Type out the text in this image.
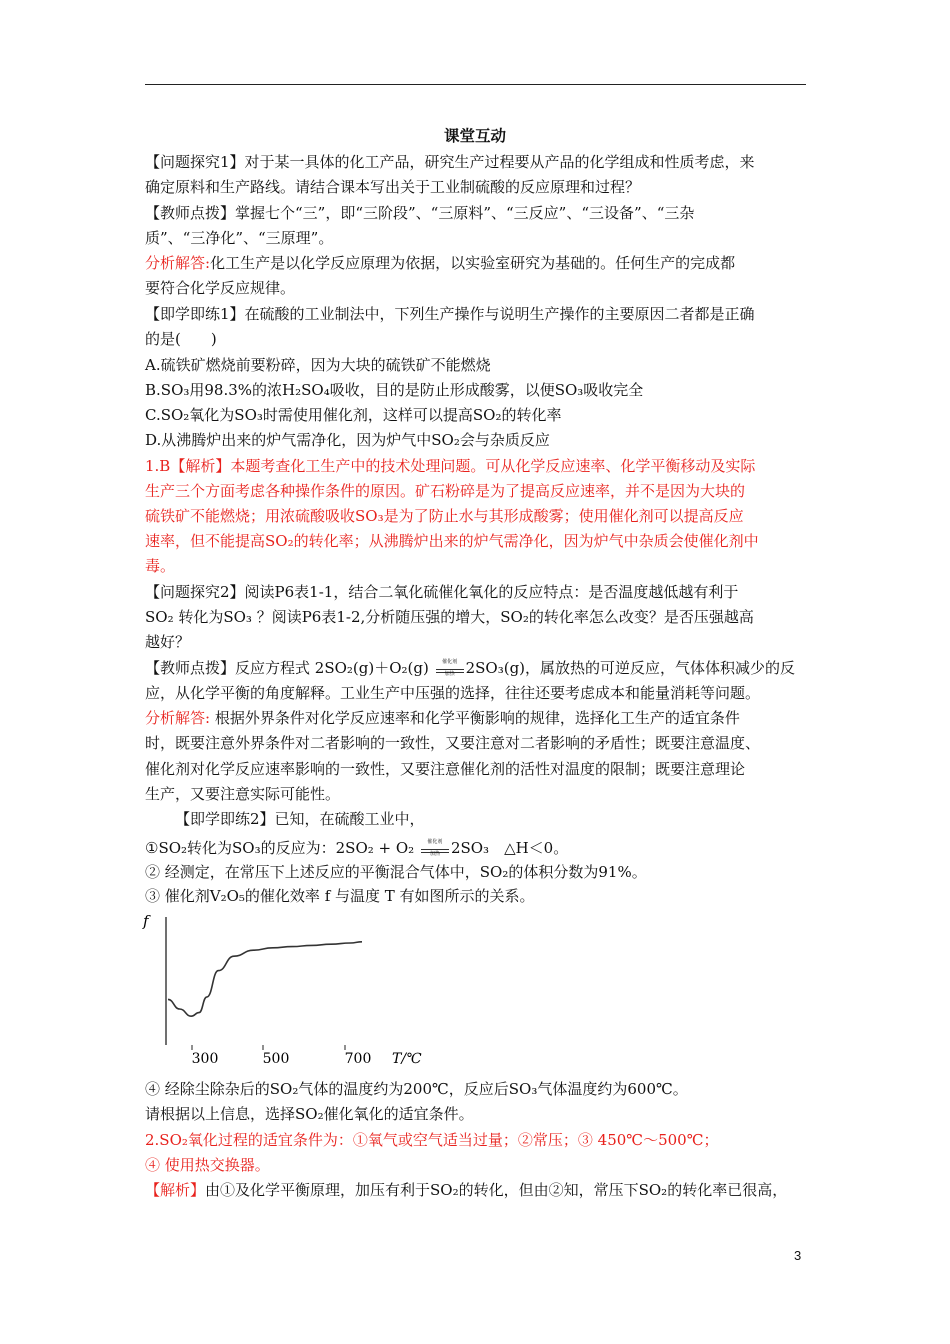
课堂互动
【问题探究1】对于某一具体的化工产品，研究生产过程要从产品的化学组成和性质考虑，来
确定原料和生产路线。请结合课本写出关于工业制硫酸的反应原理和过程？
【教师点拨】掌握七个“三”，即“三阶段”、“三原料”、“三反应”、“三设备”、“三杂
质”、“三净化”、“三原理”。
分析解答:化工生产是以化学反应原理为依据，以实验室研究为基础的。任何生产的完成都
要符合化学反应规律。
【即学即练1】在硫酸的工业制法中，下列生产操作与说明生产操作的主要原因二者都是正确
的是(　　)
A.硫铁矿燃烧前要粉碎，因为大块的硫铁矿不能燃烧
B.SO₃用98.3%的浓H₂SO₄吸收，目的是防止形成酸雾，以便SO₃吸收完全
C.SO₂氧化为SO₃时需使用催化剂，这样可以提高SO₂的转化率
D.从沸腾炉出来的炉气需净化，因为炉气中SO₂会与杂质反应
1.B【解析】本题考查化工生产中的技术处理问题。可从化学反应速率、化学平衡移动及实际
生产三个方面考虑各种操作条件的原因。矿石粉碎是为了提高反应速率，并不是因为大块的
硫铁矿不能燃烧；用浓硫酸吸收SO₃是为了防止水与其形成酸雾；使用催化剂可以提高反应
速率，但不能提高SO₂的转化率；从沸腾炉出来的炉气需净化，因为炉气中杂质会使催化剂中
毒。
【问题探究2】阅读P6表1-1，结合二氧化硫催化氧化的反应特点：是否温度越低越有利于
SO₂ 转化为SO₃ ？阅读P6表1-2,分析随压强的增大，SO₂的转化率怎么改变？是否压强越高
越好？
【教师点拨】反应方程式 2SO₂(g)＋O₂(g)	催化剂
加热 2SO₃(g)，属放热的可逆反应，气体体积减少的反
应，从化学平衡的角度解释。工业生产中压强的选择，往往还要考虑成本和能量消耗等问题。
分析解答: 根据外界条件对化学反应速率和化学平衡影响的规律，选择化工生产的适宜条件
时，既要注意外界条件对二者影响的一致性，又要注意对二者影响的矛盾性；既要注意温度、
催化剂对化学反应速率影响的一致性，又要注意催化剂的活性对温度的限制；既要注意理论
生产，又要注意实际可能性。
【即学即练2】已知，在硫酸工业中，
①SO₂转化为SO₃的反应为：2SO₂ + O₂	催化剂
加热 2SO₃　△H＜0。
② 经测定，在常压下上述反应的平衡混合气体中，SO₂的体积分数为91%。
③ 催化剂V₂O₅的催化效率 f 与温度 T 有如图所示的关系。
f
300	500	700 T/℃
④ 经除尘除杂后的SO₂气体的温度约为200℃，反应后SO₃气体温度约为600℃。
请根据以上信息，选择SO₂催化氧化的适宜条件。
2.SO₂氧化过程的适宜条件为：①氧气或空气适当过量；②常压；③ 450℃～500℃；
④ 使用热交换器。
【解析】由①及化学平衡原理，加压有利于SO₂的转化，但由②知，常压下SO₂的转化率已很高，
3
